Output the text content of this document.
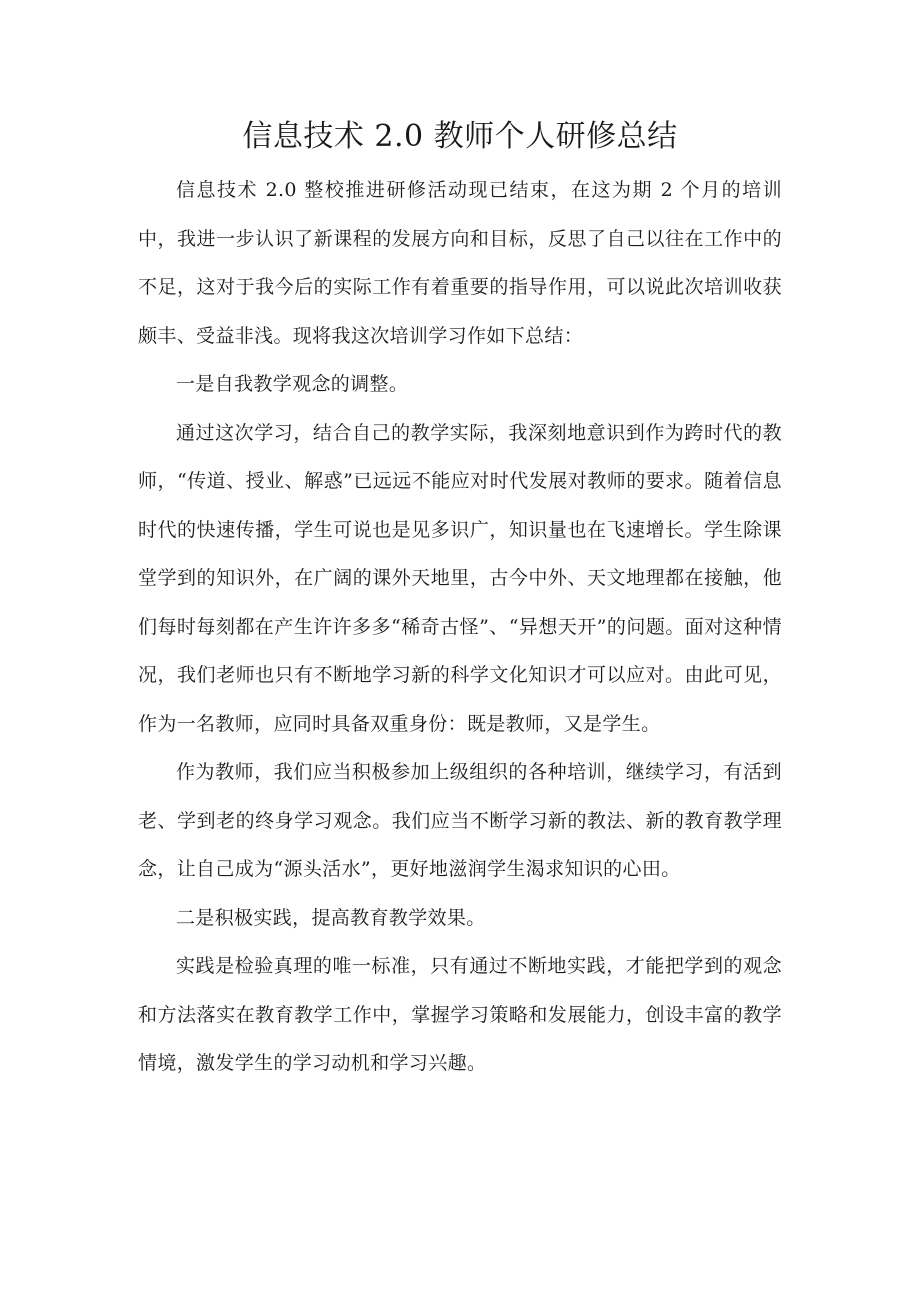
信息技术 2.0 教师个人研修总结

信息技术 2.0 整校推进研修活动现已结束，在这为期 2 个月的培训中，我进一步认识了新课程的发展方向和目标，反思了自己以往在工作中的不足，这对于我今后的实际工作有着重要的指导作用，可以说此次培训收获颇丰、受益非浅。现将我这次培训学习作如下总结：

一是自我教学观念的调整。

通过这次学习，结合自己的教学实际，我深刻地意识到作为跨时代的教师，“传道、授业、解惑”已远远不能应对时代发展对教师的要求。随着信息时代的快速传播，学生可说也是见多识广，知识量也在飞速增长。学生除课堂学到的知识外，在广阔的课外天地里，古今中外、天文地理都在接触，他们每时每刻都在产生许许多多“稀奇古怪”、“异想天开”的问题。面对这种情况，我们老师也只有不断地学习新的科学文化知识才可以应对。由此可见，作为一名教师，应同时具备双重身份：既是教师，又是学生。

作为教师，我们应当积极参加上级组织的各种培训，继续学习，有活到老、学到老的终身学习观念。我们应当不断学习新的教法、新的教育教学理念，让自己成为“源头活水”，更好地滋润学生渴求知识的心田。

二是积极实践，提高教育教学效果。

实践是检验真理的唯一标准，只有通过不断地实践，才能把学到的观念和方法落实在教育教学工作中，掌握学习策略和发展能力，创设丰富的教学情境，激发学生的学习动机和学习兴趣。
